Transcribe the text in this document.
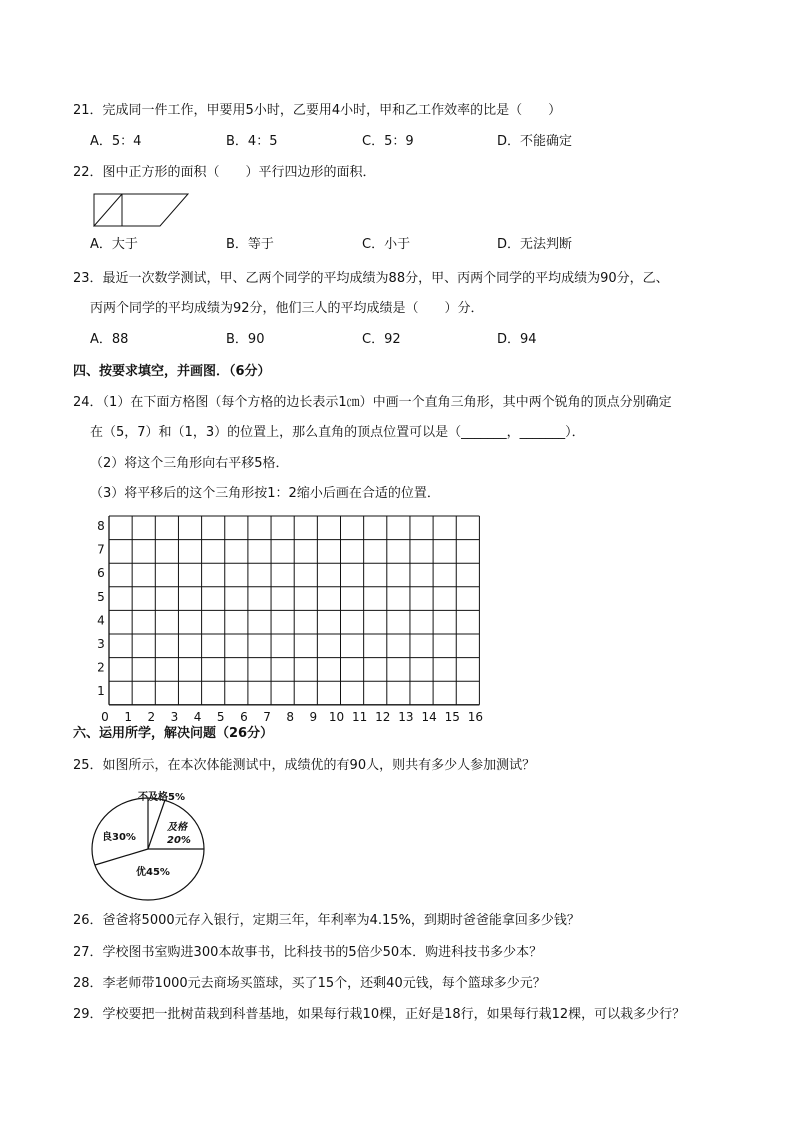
21．完成同一件工作，甲要用5小时，乙要用4小时，甲和乙工作效率的比是（　　）
A．5：4	B．4：5	C．5：9	D．不能确定
22．图中正方形的面积（　　）平行四边形的面积．
A．大于	B．等于	C．小于	D．无法判断
23．最近一次数学测试，甲、乙两个同学的平均成绩为88分，甲、丙两个同学的平均成绩为90分，乙、
丙两个同学的平均成绩为92分，他们三人的平均成绩是（　　）分．
A．88	B．90	C．92	D．94
四、按要求填空，并画图．（6分）
24．（1）在下面方格图（每个方格的边长表示1㎝）中画一个直角三角形，其中两个锐角的顶点分别确定
在（5，7）和（1，3）的位置上，那么直角的顶点位置可以是（_______，_______）．
（2）将这个三角形向右平移5格．
（3）将平移后的这个三角形按1：2缩小后画在合适的位置．
0 1 2 3 4 5 6 7 8 9 10 11 12 13 14 15 16
1
2
3
4
5
6
7
8
六、运用所学，解决问题（26分）
25．如图所示，在本次体能测试中，成绩优的有90人，则共有多少人参加测试？
不及格5%
及格
20%
良30%
优45%
26．爸爸将5000元存入银行，定期三年，年利率为4.15%，到期时爸爸能拿回多少钱？
27．学校图书室购进300本故事书，比科技书的5倍少50本．购进科技书多少本？
28．李老师带1000元去商场买篮球，买了15个，还剩40元钱，每个篮球多少元？
29．学校要把一批树苗栽到科普基地，如果每行栽10棵，正好是18行，如果每行栽12棵，可以栽多少行？
